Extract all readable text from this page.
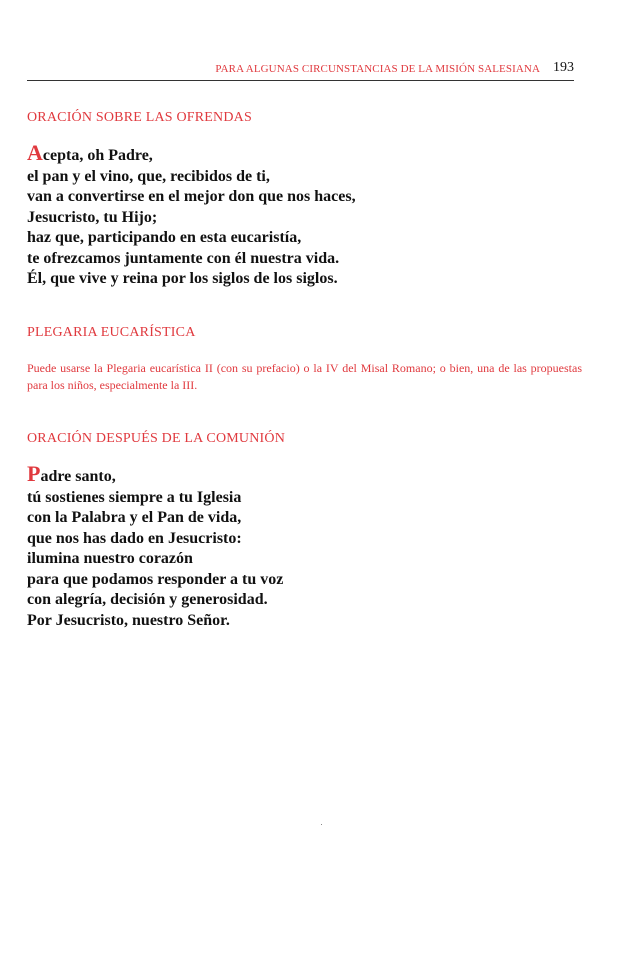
PARA ALGUNAS CIRCUNSTANCIAS DE LA MISIÓN SALESIANA 193
ORACIÓN SOBRE LAS OFRENDAS
Acepta, oh Padre,
el pan y el vino, que, recibidos de ti,
van a convertirse en el mejor don que nos haces,
Jesucristo, tu Hijo;
haz que, participando en esta eucaristía,
te ofrezcamos juntamente con él nuestra vida.
Él, que vive y reina por los siglos de los siglos.
PLEGARIA EUCARÍSTICA
Puede usarse la Plegaria eucarística II (con su prefacio) o la IV del Misal Romano; o bien, una de las propuestas para los niños, especialmente la III.
ORACIÓN DESPUÉS DE LA COMUNIÓN
Padre santo,
tú sostienes siempre a tu Iglesia
con la Palabra y el Pan de vida,
que nos has dado en Jesucristo:
ilumina nuestro corazón
para que podamos responder a tu voz
con alegría, decisión y generosidad.
Por Jesucristo, nuestro Señor.
